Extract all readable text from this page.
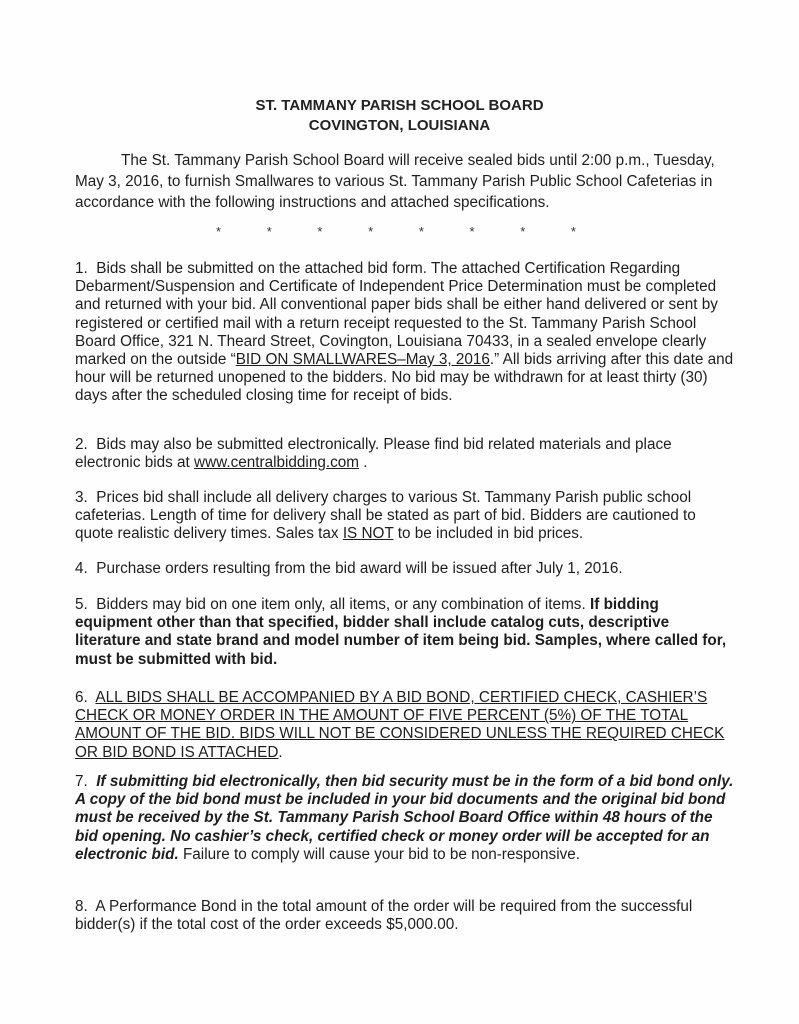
ST. TAMMANY PARISH SCHOOL BOARD
COVINGTON, LOUISIANA
The St. Tammany Parish School Board will receive sealed bids until 2:00 p.m., Tuesday, May 3, 2016, to furnish Smallwares to various St. Tammany Parish Public School Cafeterias in accordance with the following instructions and attached specifications.
*	*	*	*	*	*	*	*
1. Bids shall be submitted on the attached bid form. The attached Certification Regarding Debarment/Suspension and Certificate of Independent Price Determination must be completed and returned with your bid. All conventional paper bids shall be either hand delivered or sent by registered or certified mail with a return receipt requested to the St. Tammany Parish School Board Office, 321 N. Theard Street, Covington, Louisiana 70433, in a sealed envelope clearly marked on the outside “BID ON SMALLWARES–May 3, 2016.” All bids arriving after this date and hour will be returned unopened to the bidders. No bid may be withdrawn for at least thirty (30) days after the scheduled closing time for receipt of bids.
2. Bids may also be submitted electronically. Please find bid related materials and place electronic bids at www.centralbidding.com .
3. Prices bid shall include all delivery charges to various St. Tammany Parish public school cafeterias. Length of time for delivery shall be stated as part of bid. Bidders are cautioned to quote realistic delivery times. Sales tax IS NOT to be included in bid prices.
4. Purchase orders resulting from the bid award will be issued after July 1, 2016.
5. Bidders may bid on one item only, all items, or any combination of items. If bidding equipment other than that specified, bidder shall include catalog cuts, descriptive literature and state brand and model number of item being bid. Samples, where called for, must be submitted with bid.
6. ALL BIDS SHALL BE ACCOMPANIED BY A BID BOND, CERTIFIED CHECK, CASHIER’S CHECK OR MONEY ORDER IN THE AMOUNT OF FIVE PERCENT (5%) OF THE TOTAL AMOUNT OF THE BID. BIDS WILL NOT BE CONSIDERED UNLESS THE REQUIRED CHECK OR BID BOND IS ATTACHED.
7. If submitting bid electronically, then bid security must be in the form of a bid bond only. A copy of the bid bond must be included in your bid documents and the original bid bond must be received by the St. Tammany Parish School Board Office within 48 hours of the bid opening. No cashier’s check, certified check or money order will be accepted for an electronic bid. Failure to comply will cause your bid to be non-responsive.
8. A Performance Bond in the total amount of the order will be required from the successful bidder(s) if the total cost of the order exceeds $5,000.00.
